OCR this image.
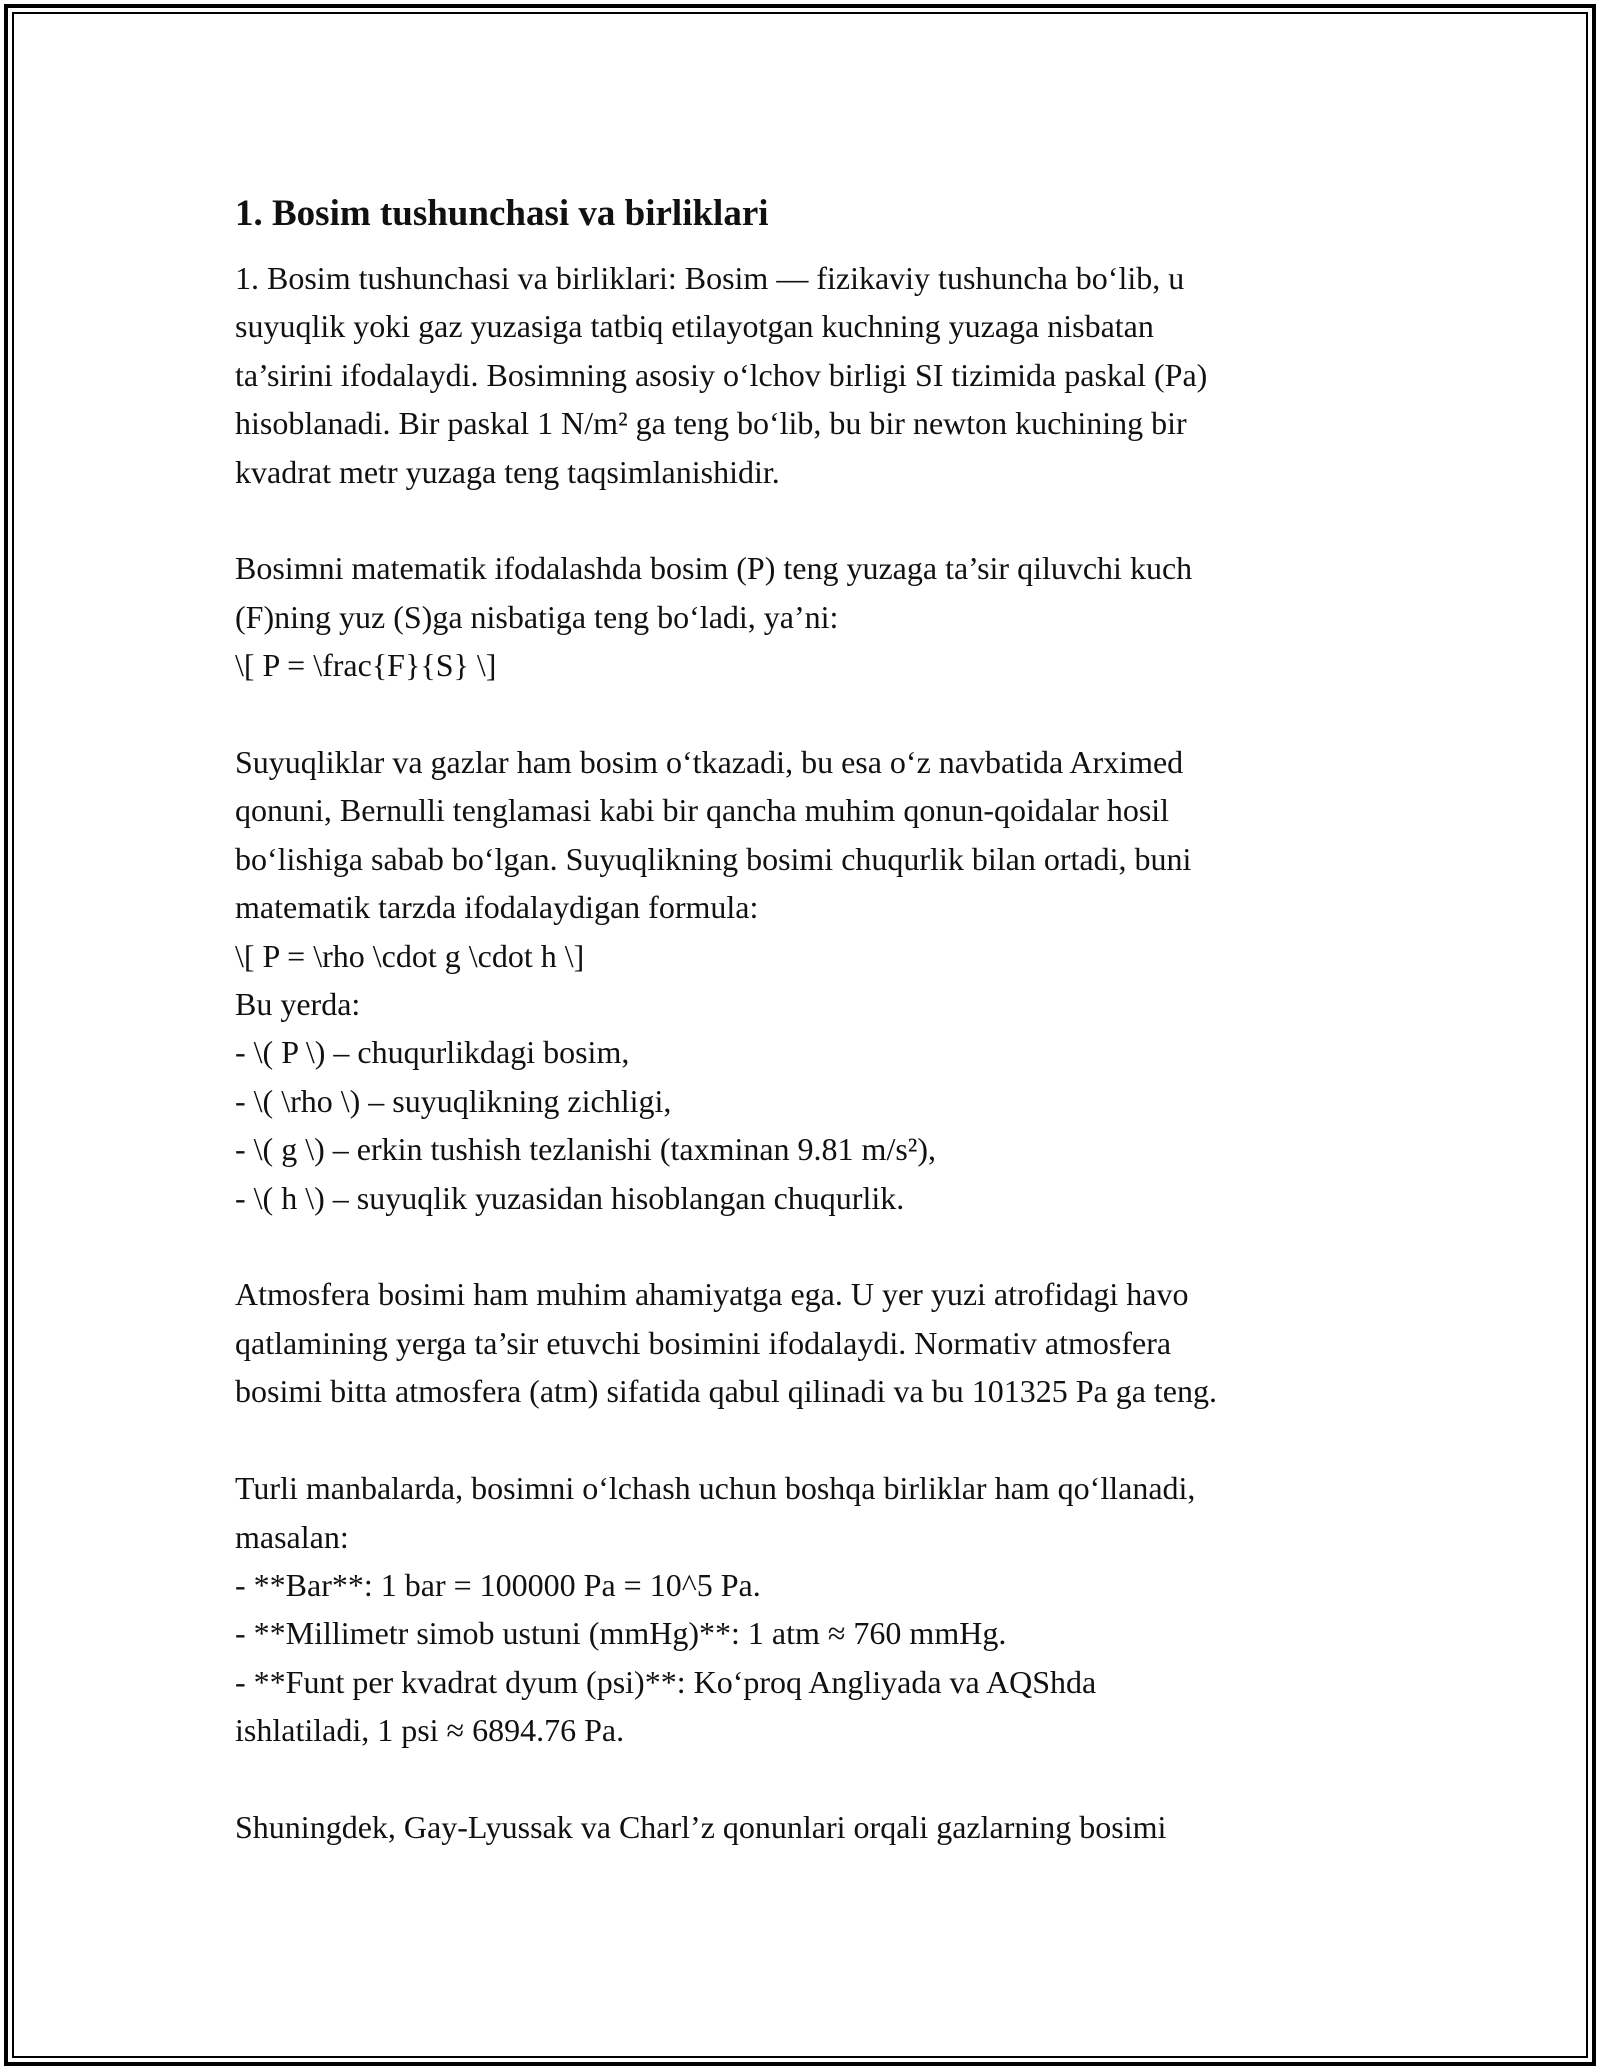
1. Bosim tushunchasi va birliklari
1. Bosim tushunchasi va birliklari: Bosim — fizikaviy tushuncha bo‘lib, u
suyuqlik yoki gaz yuzasiga tatbiq etilayotgan kuchning yuzaga nisbatan
ta’sirini ifodalaydi. Bosimning asosiy o‘lchov birligi SI tizimida paskal (Pa)
hisoblanadi. Bir paskal 1 N/m² ga teng bo‘lib, bu bir newton kuchining bir
kvadrat metr yuzaga teng taqsimlanishidir.
Bosimni matematik ifodalashda bosim (P) teng yuzaga ta’sir qiluvchi kuch
(F)ning yuz (S)ga nisbatiga teng bo‘ladi, ya’ni:
\[ P = \frac{F}{S} \]
Suyuqliklar va gazlar ham bosim o‘tkazadi, bu esa o‘z navbatida Arximed
qonuni, Bernulli tenglamasi kabi bir qancha muhim qonun-qoidalar hosil
bo‘lishiga sabab bo‘lgan. Suyuqlikning bosimi chuqurlik bilan ortadi, buni
matematik tarzda ifodalaydigan formula:
\[ P = \rho \cdot g \cdot h \]
Bu yerda:
- \( P \) – chuqurlikdagi bosim,
- \( \rho \) – suyuqlikning zichligi,
- \( g \) – erkin tushish tezlanishi (taxminan 9.81 m/s²),
- \( h \) – suyuqlik yuzasidan hisoblangan chuqurlik.
Atmosfera bosimi ham muhim ahamiyatga ega. U yer yuzi atrofidagi havo
qatlamining yerga ta’sir etuvchi bosimini ifodalaydi. Normativ atmosfera
bosimi bitta atmosfera (atm) sifatida qabul qilinadi va bu 101325 Pa ga teng.
Turli manbalarda, bosimni o‘lchash uchun boshqa birliklar ham qo‘llanadi,
masalan:
- **Bar**: 1 bar = 100000 Pa = 10^5 Pa.
- **Millimetr simob ustuni (mmHg)**: 1 atm ≈ 760 mmHg.
- **Funt per kvadrat dyum (psi)**: Ko‘proq Angliyada va AQShda
ishlatiladi, 1 psi ≈ 6894.76 Pa.
Shuningdek, Gay-Lyussak va Charl’z qonunlari orqali gazlarning bosimi
